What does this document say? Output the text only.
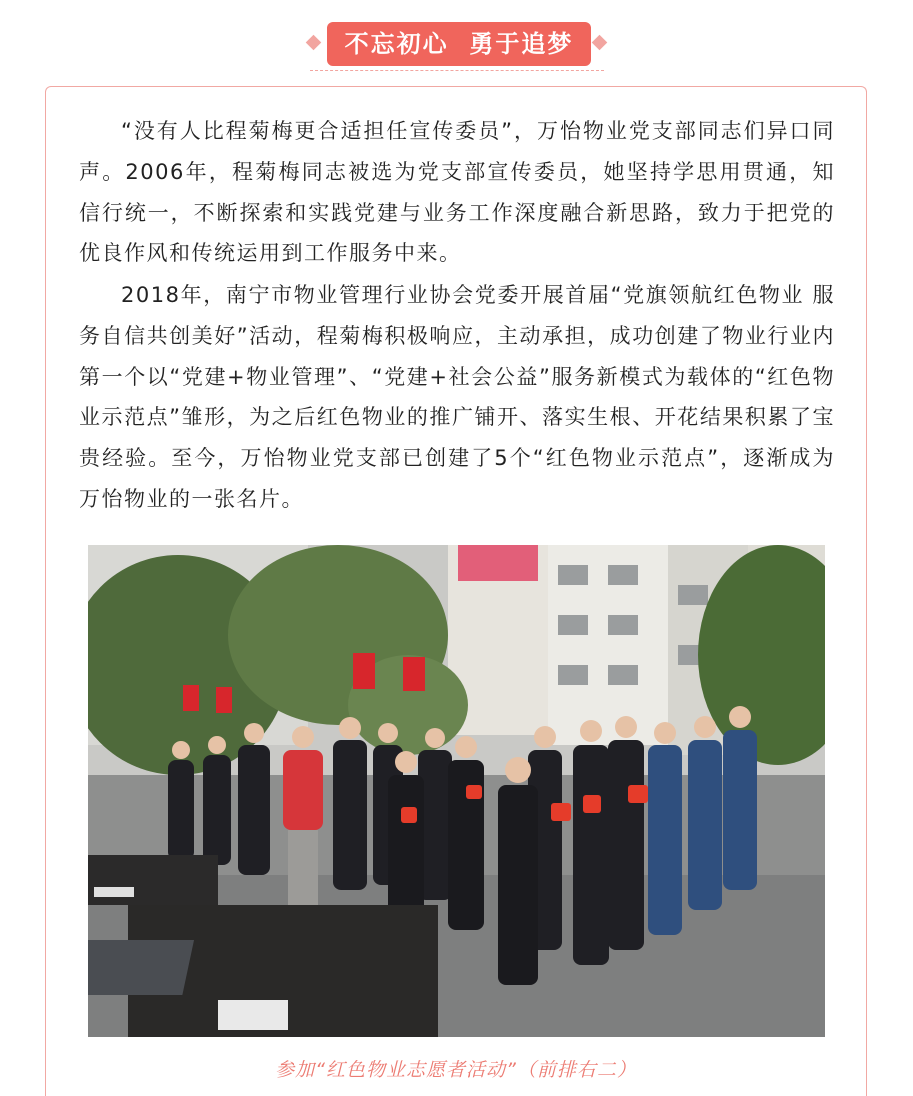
不忘初心  勇于追梦

“没有人比程菊梅更合适担任宣传委员”，万怡物业党支部同志们异口同声。2006年，程菊梅同志被选为党支部宣传委员，她坚持学思用贯通，知信行统一，不断探索和实践党建与业务工作深度融合新思路，致力于把党的优良作风和传统运用到工作服务中来。

2018年，南宁市物业管理行业协会党委开展首届“党旗领航红色物业 服务自信共创美好”活动，程菊梅积极响应，主动承担，成功创建了物业行业内第一个以“党建+物业管理”、“党建+社会公益”服务新模式为载体的“红色物业示范点”雏形，为之后红色物业的推广铺开、落实生根、开花结果积累了宝贵经验。至今，万怡物业党支部已创建了5个“红色物业示范点”，逐渐成为万怡物业的一张名片。

参加“红色物业志愿者活动”（前排右二）
